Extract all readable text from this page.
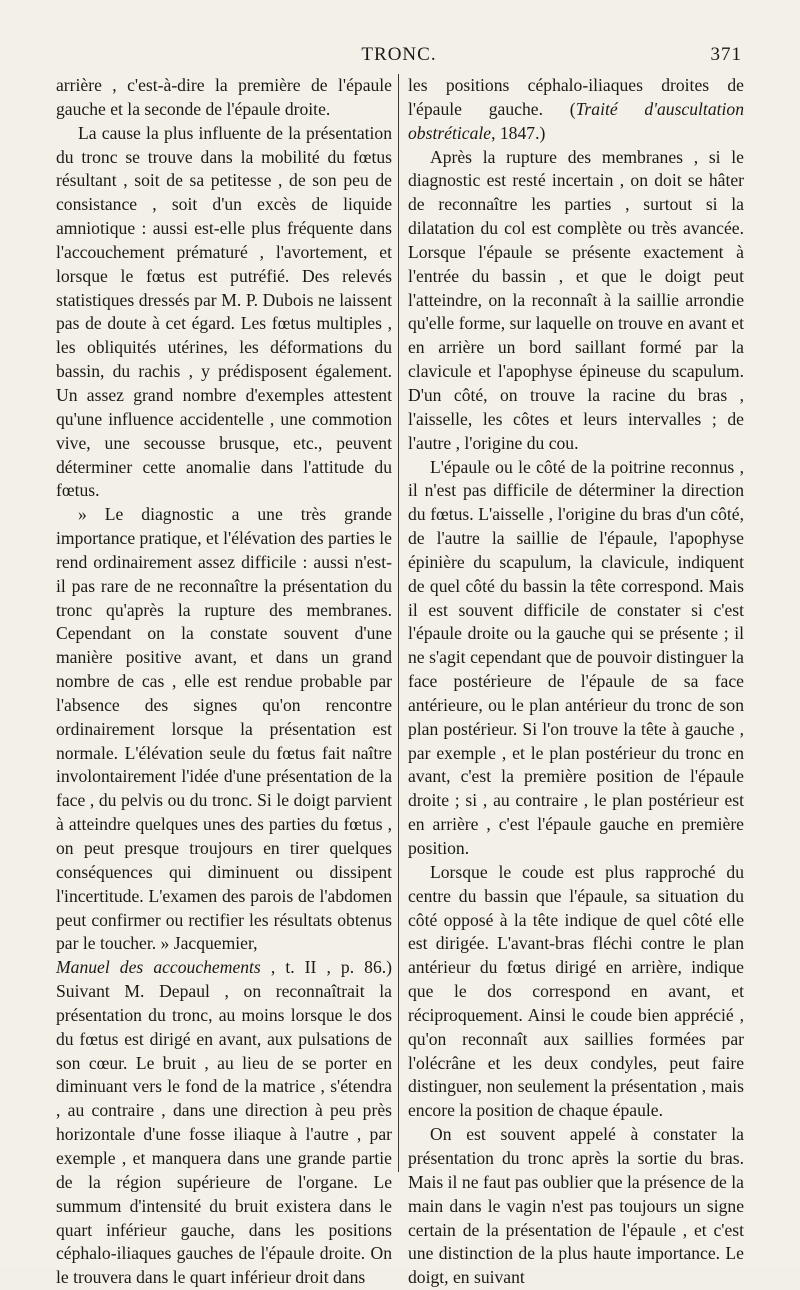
TRONC.	371

arrière , c'est-à-dire la première de l'épaule gauche et la seconde de l'épaule droite.

La cause la plus influente de la présentation du tronc se trouve dans la mobilité du fœtus résultant , soit de sa petitesse , de son peu de consistance , soit d'un excès de liquide amniotique : aussi est-elle plus fréquente dans l'accouchement prématuré , l'avortement, et lorsque le fœtus est putréfié. Des relevés statistiques dressés par M. P. Dubois ne laissent pas de doute à cet égard. Les fœtus multiples , les obliquités utérines, les déformations du bassin, du rachis , y prédisposent également. Un assez grand nombre d'exemples attestent qu'une influence accidentelle , une commotion vive, une secousse brusque, etc., peuvent déterminer cette anomalie dans l'attitude du fœtus.

» Le diagnostic a une très grande importance pratique, et l'élévation des parties le rend ordinairement assez difficile : aussi n'est-il pas rare de ne reconnaître la présentation du tronc qu'après la rupture des membranes. Cependant on la constate souvent d'une manière positive avant, et dans un grand nombre de cas , elle est rendue probable par l'absence des signes qu'on rencontre ordinairement lorsque la présentation est normale. L'élévation seule du fœtus fait naître involontairement l'idée d'une présentation de la face , du pelvis ou du tronc. Si le doigt parvient à atteindre quelques unes des parties du fœtus , on peut presque troujours en tirer quelques conséquences qui diminuent ou dissipent l'incertitude. L'examen des parois de l'abdomen peut confirmer ou rectifier les résultats obtenus par le toucher. » Jacquemier,
Manuel des accouchements , t. II , p. 86.) Suivant M. Depaul , on reconnaîtrait la présentation du tronc, au moins lorsque le dos du fœtus est dirigé en avant, aux pulsations de son cœur. Le bruit , au lieu de se porter en diminuant vers le fond de la matrice , s'étendra , au contraire , dans une direction à peu près horizontale d'une fosse iliaque à l'autre , par exemple , et manquera dans une grande partie de la région supérieure de l'organe. Le summum d'intensité du bruit existera dans le quart inférieur gauche, dans les positions céphalo-iliaques gauches de l'épaule droite. On le trouvera dans le quart inférieur droit dans

les positions céphalo-iliaques droites de l'épaule gauche. (Traité d'auscultation obstréticale, 1847.)

Après la rupture des membranes , si le diagnostic est resté incertain , on doit se hâter de reconnaître les parties , surtout si la dilatation du col est complète ou très avancée. Lorsque l'épaule se présente exactement à l'entrée du bassin , et que le doigt peut l'atteindre, on la reconnaît à la saillie arrondie qu'elle forme, sur laquelle on trouve en avant et en arrière un bord saillant formé par la clavicule et l'apophyse épineuse du scapulum. D'un côté, on trouve la racine du bras , l'aisselle, les côtes et leurs intervalles ; de l'autre , l'origine du cou.

L'épaule ou le côté de la poitrine reconnus , il n'est pas difficile de déterminer la direction du fœtus. L'aisselle , l'origine du bras d'un côté, de l'autre la saillie de l'épaule, l'apophyse épinière du scapulum, la clavicule, indiquent de quel côté du bassin la tête correspond. Mais il est souvent difficile de constater si c'est l'épaule droite ou la gauche qui se présente ; il ne s'agit cependant que de pouvoir distinguer la face postérieure de l'épaule de sa face antérieure, ou le plan antérieur du tronc de son plan postérieur. Si l'on trouve la tête à gauche , par exemple , et le plan postérieur du tronc en avant, c'est la première position de l'épaule droite ; si , au contraire , le plan postérieur est en arrière , c'est l'épaule gauche en première position.

Lorsque le coude est plus rapproché du centre du bassin que l'épaule, sa situation du côté opposé à la tête indique de quel côté elle est dirigée. L'avant-bras fléchi contre le plan antérieur du fœtus dirigé en arrière, indique que le dos correspond en avant, et réciproquement. Ainsi le coude bien apprécié , qu'on reconnaît aux saillies formées par l'olécrâne et les deux condyles, peut faire distinguer, non seulement la présentation , mais encore la position de chaque épaule.

On est souvent appelé à constater la présentation du tronc après la sortie du bras. Mais il ne faut pas oublier que la présence de la main dans le vagin n'est pas toujours un signe certain de la présentation de l'épaule , et c'est une distinction de la plus haute importance. Le doigt, en suivant
